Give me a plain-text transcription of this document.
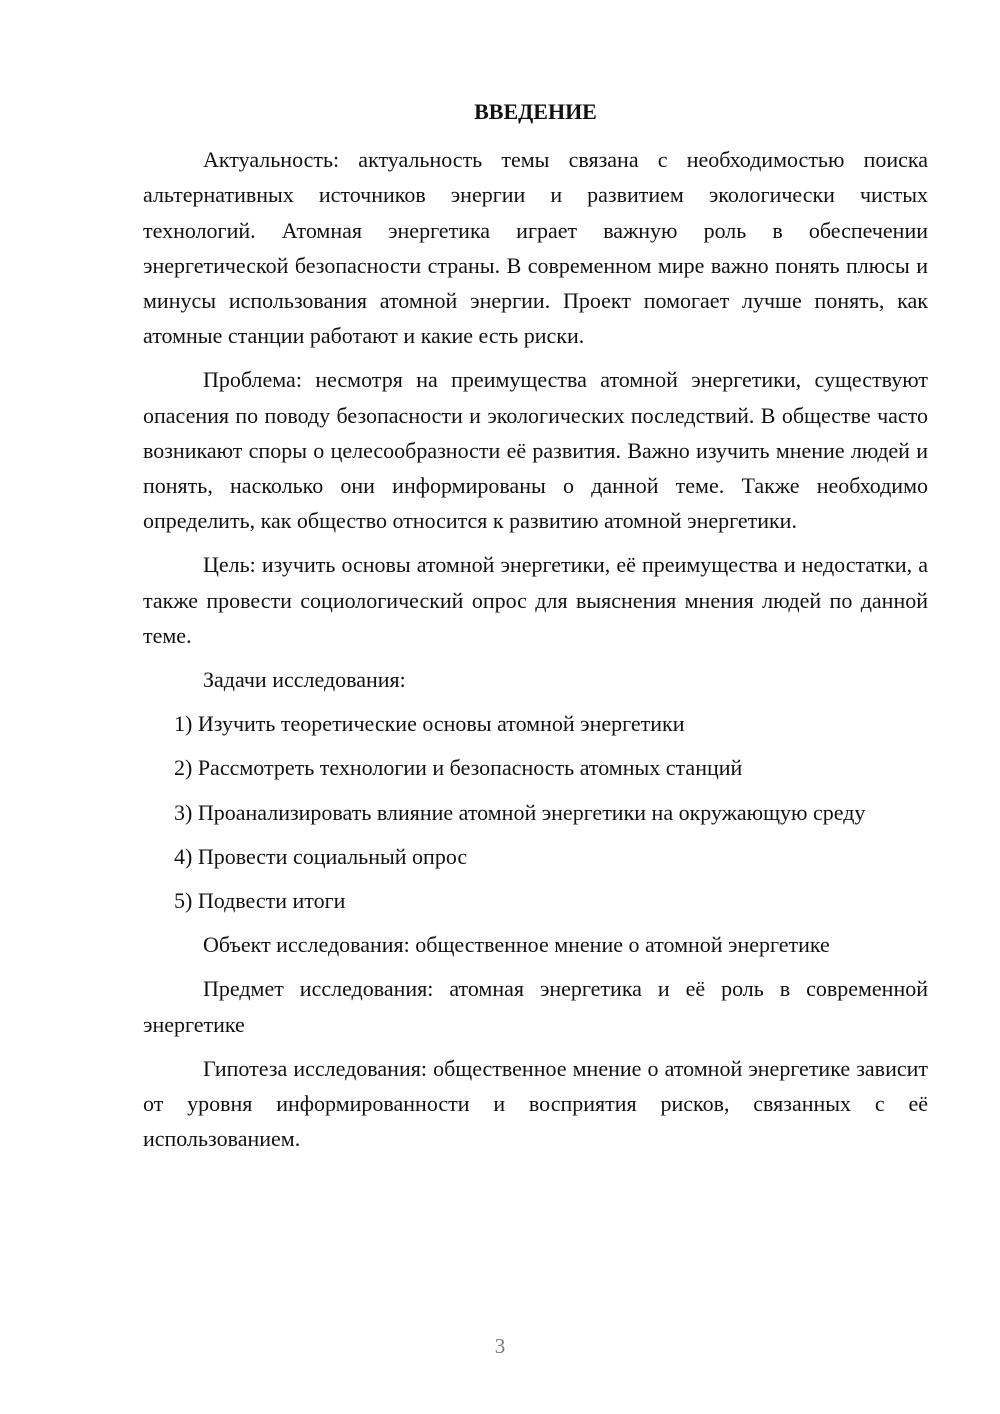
ВВЕДЕНИЕ

Актуальность: актуальность темы связана с необходимостью поиска альтернативных источников энергии и развитием экологически чистых технологий. Атомная энергетика играет важную роль в обеспечении энергетической безопасности страны. В современном мире важно понять плюсы и минусы использования атомной энергии. Проект помогает лучше понять, как атомные станции работают и какие есть риски.

Проблема: несмотря на преимущества атомной энергетики, существуют опасения по поводу безопасности и экологических последствий. В обществе часто возникают споры о целесообразности её развития. Важно изучить мнение людей и понять, насколько они информированы о данной теме. Также необходимо определить, как общество относится к развитию атомной энергетики.

Цель: изучить основы атомной энергетики, её преимущества и недостатки, а также провести социологический опрос для выяснения мнения людей по данной теме.

Задачи исследования:

1) Изучить теоретические основы атомной энергетики

2) Рассмотреть технологии и безопасность атомных станций

3) Проанализировать влияние атомной энергетики на окружающую среду

4) Провести социальный опрос

5) Подвести итоги

Объект исследования: общественное мнение о атомной энергетике

Предмет исследования: атомная энергетика и её роль в современной энергетике

Гипотеза исследования: общественное мнение о атомной энергетике зависит от уровня информированности и восприятия рисков, связанных с её использованием.

3
